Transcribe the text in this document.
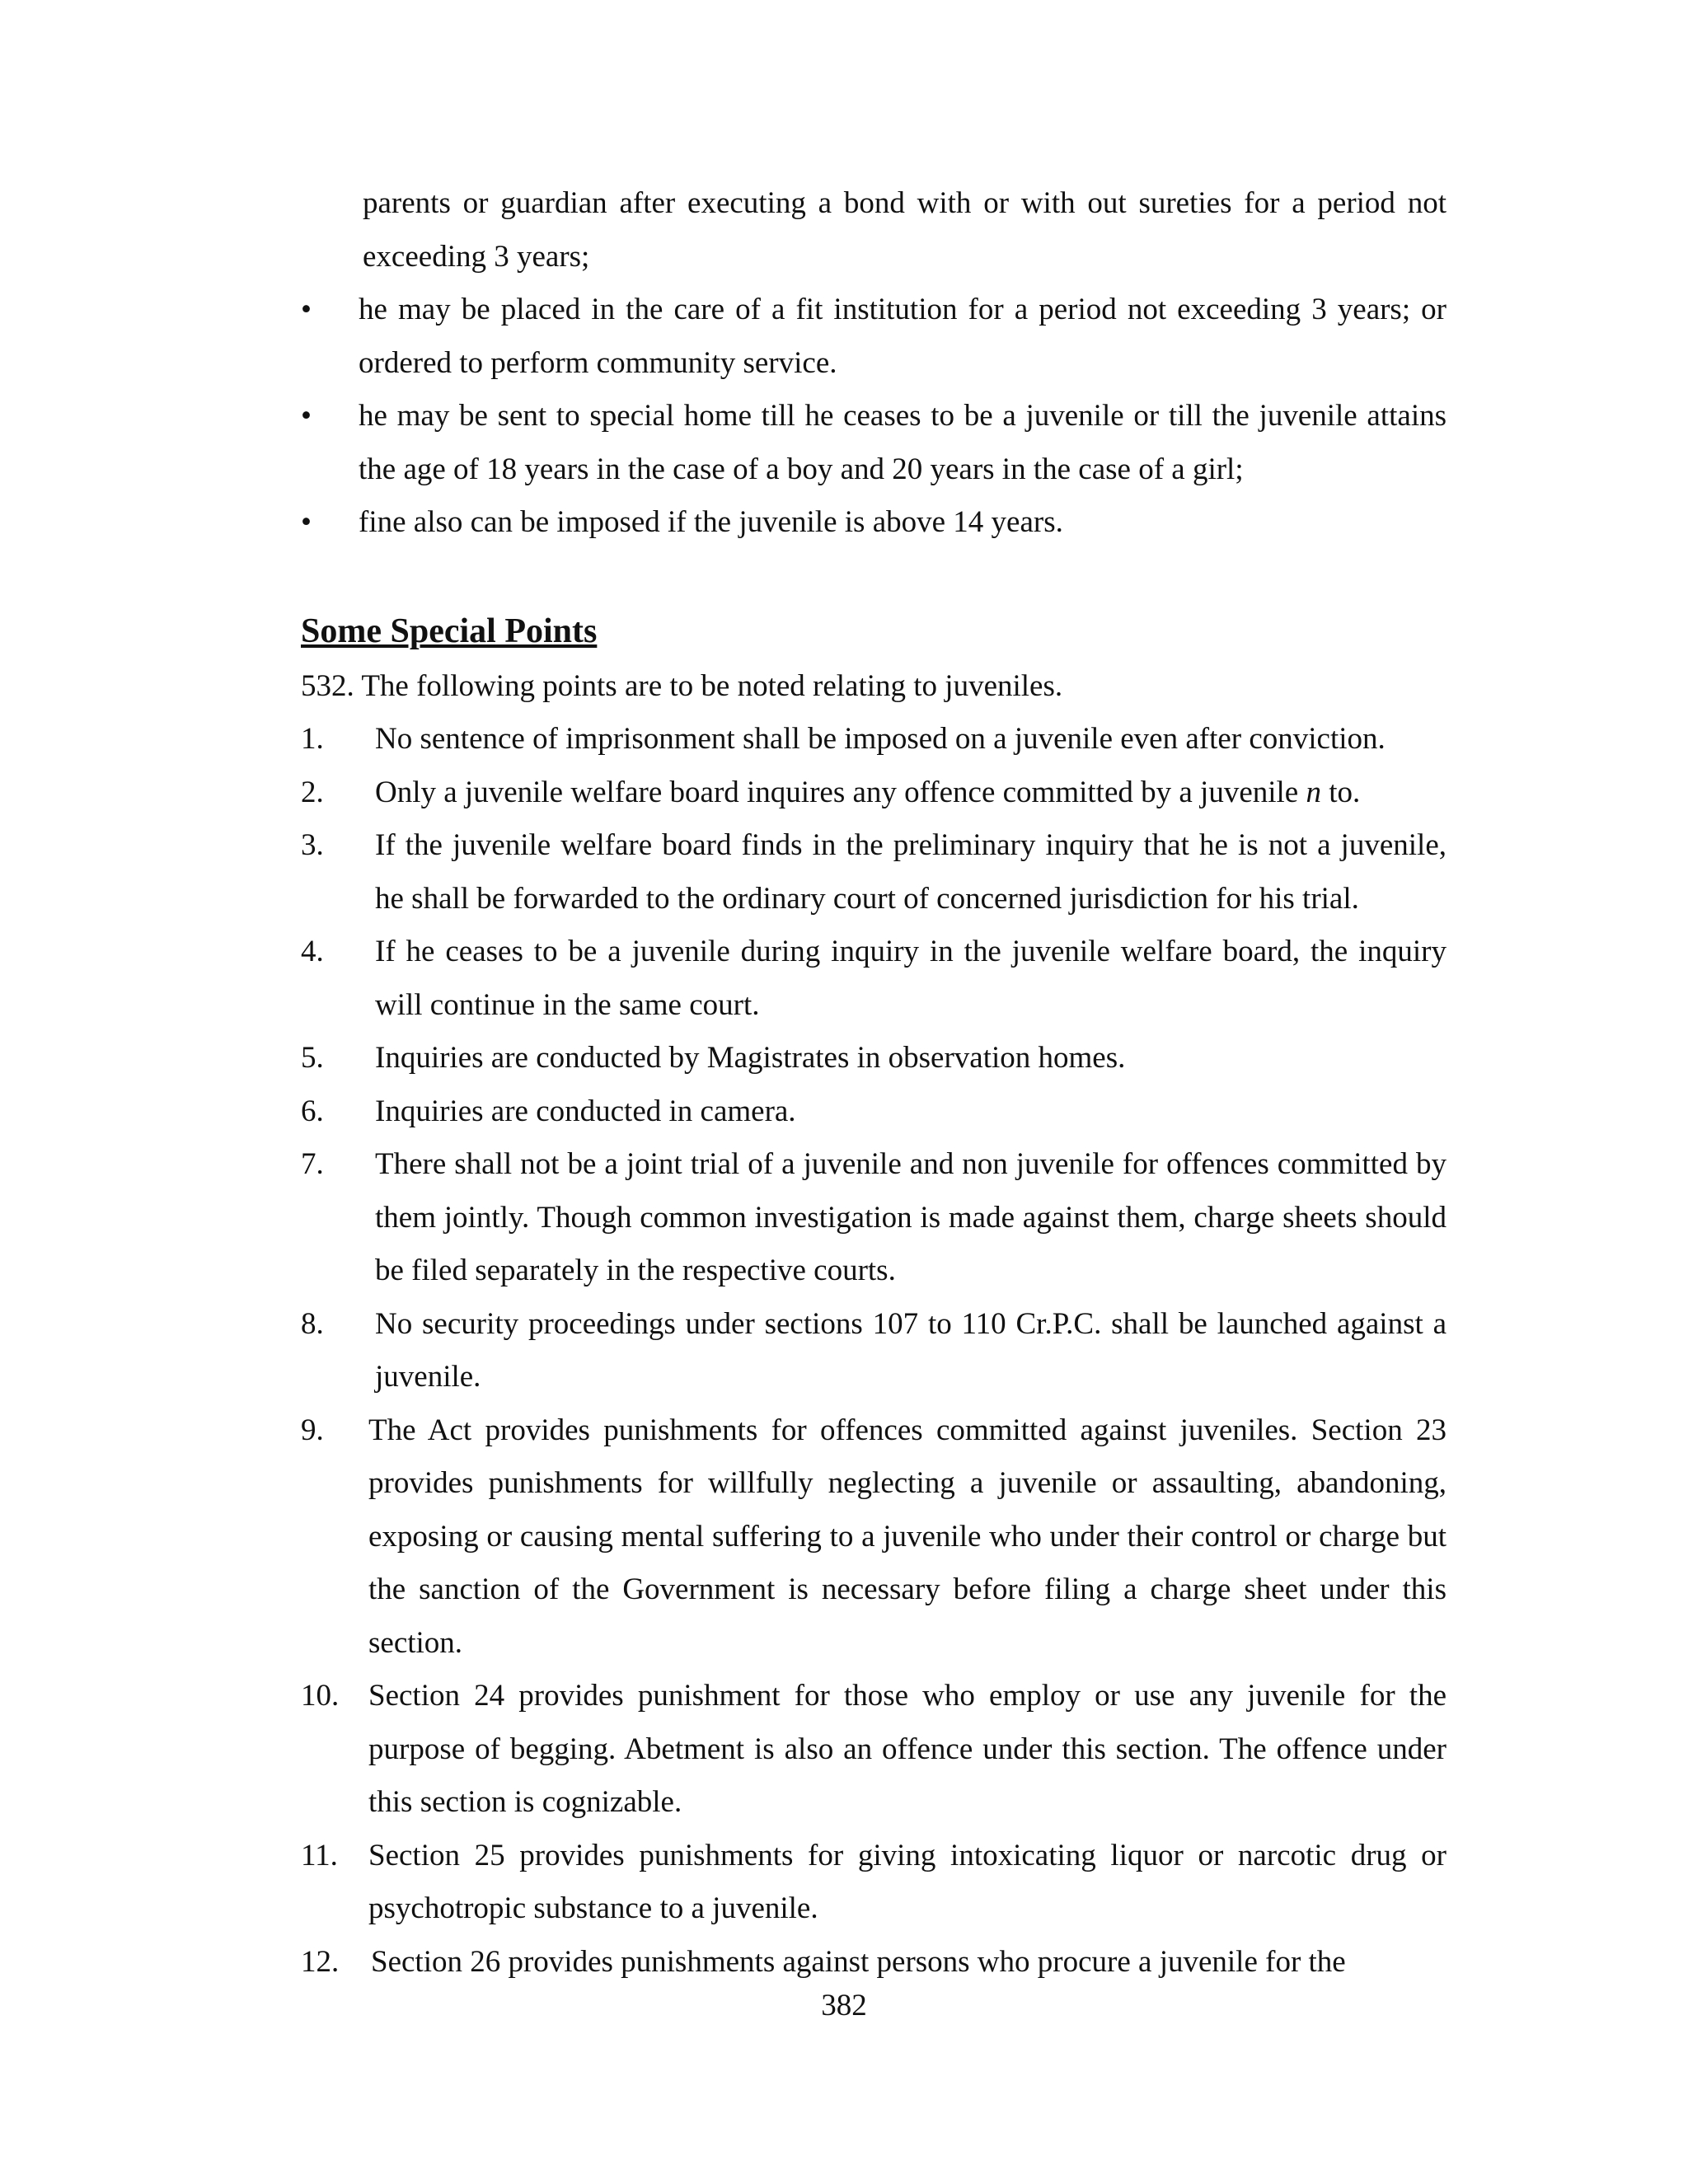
parents or guardian after executing a bond with or with out sureties for a period not exceeding 3 years;
•	he may be placed in the care of a fit institution for a period not exceeding 3 years; or ordered to perform community service.
•	he may be sent to special home till he ceases to be a juvenile or till the juvenile attains the age of 18 years in the case of a boy and 20 years in the case of a girl;
•	fine also can be imposed if the juvenile is above 14 years.
Some Special Points
532. The following points are to be noted relating to juveniles.
1.	No sentence of imprisonment shall be imposed on a juvenile even after conviction.
2.	Only a juvenile welfare board inquires any offence committed by a juvenile n to.
3.	If the juvenile welfare board finds in the preliminary inquiry that he is not a juvenile, he shall be forwarded to the ordinary court of concerned jurisdiction for his trial.
4.	If he ceases to be a juvenile during inquiry in the juvenile welfare board, the inquiry will continue in the same court.
5.	Inquiries are conducted by Magistrates in observation homes.
6.	Inquiries are conducted in camera.
7.	There shall not be a joint trial of a juvenile and non juvenile for offences committed by them jointly. Though common investigation is made against them, charge sheets should be filed separately in the respective courts.
8.	No security proceedings under sections 107 to 110 Cr.P.C. shall be launched against a juvenile.
9.	The Act provides punishments for offences committed against juveniles. Section 23 provides punishments for willfully neglecting a juvenile or assaulting, abandoning, exposing or causing mental suffering to a juvenile who under their control or charge but the sanction of the Government is necessary before filing a charge sheet under this section.
10. Section 24 provides punishment for those who employ or use any juvenile for the purpose of begging. Abetment is also an offence under this section. The offence under this section is cognizable.
11.	Section 25 provides punishments for giving intoxicating liquor or narcotic drug or psychotropic substance to a juvenile.
12.	Section 26 provides punishments against persons who procure a juvenile for the
382
